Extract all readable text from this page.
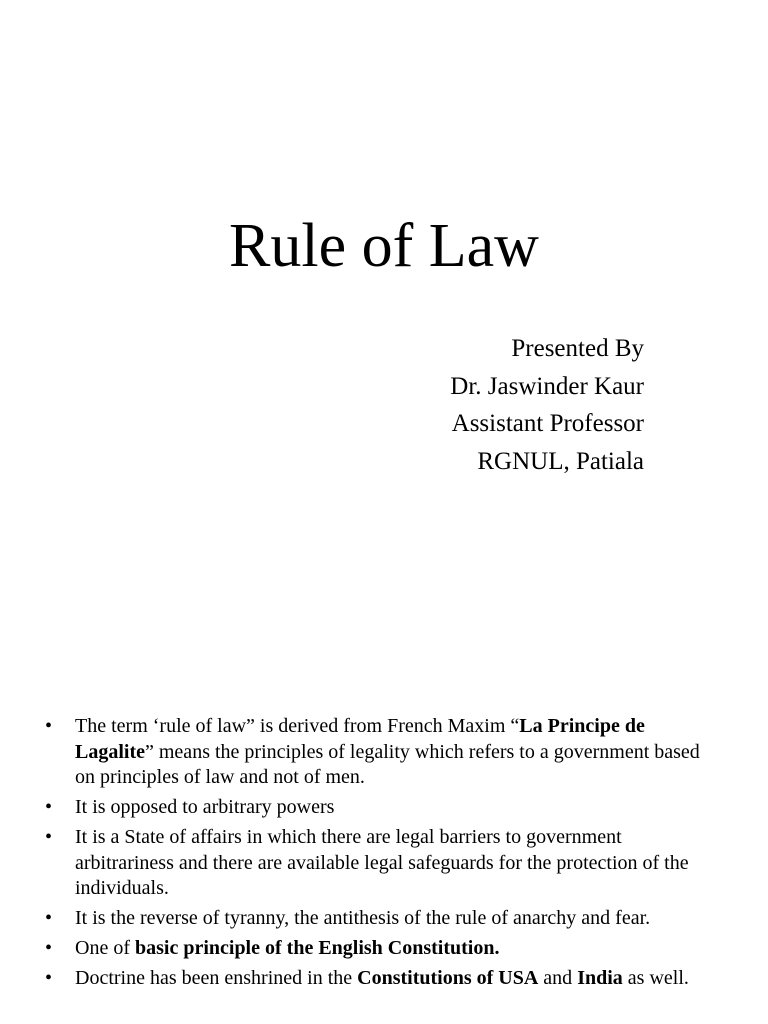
Rule of Law
Presented By
Dr. Jaswinder Kaur
Assistant Professor
RGNUL, Patiala
• The term ‘rule of law” is derived from French Maxim “La Principe de Lagalite” means the principles of legality which refers to a government based on principles of law and not of men.
• It is opposed to arbitrary powers
• It is a State of affairs in which there are legal barriers to government arbitrariness and there are available legal safeguards for the protection of the individuals.
• It is the reverse of tyranny, the antithesis of the rule of anarchy and fear.
• One of basic principle of the English Constitution.
• Doctrine has been enshrined in the Constitutions of USA and India as well.
